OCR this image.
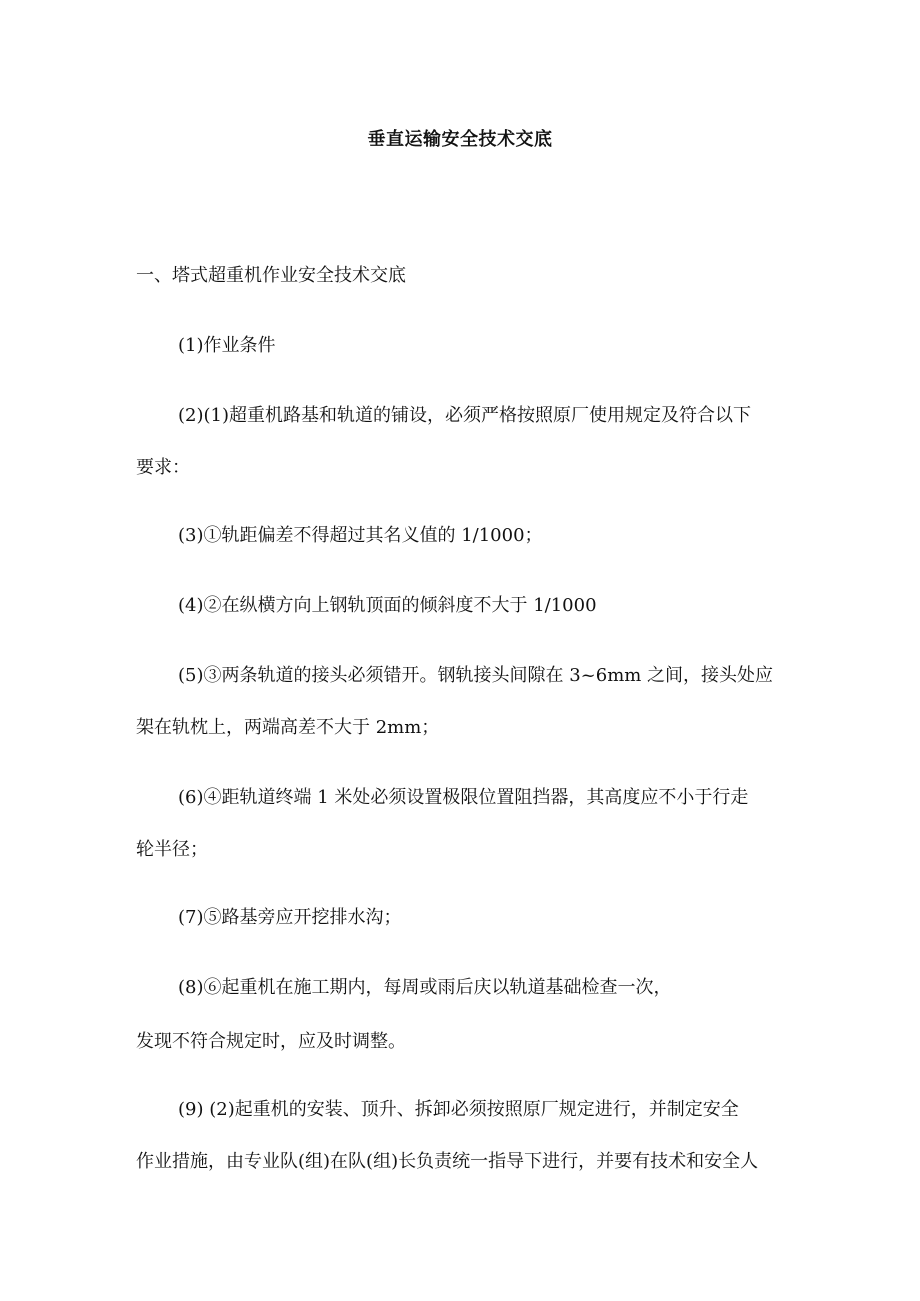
垂直运输安全技术交底
一、塔式超重机作业安全技术交底
(1)作业条件
(2)(1)超重机路基和轨道的铺设，必须严格按照原厂使用规定及符合以下
要求：
(3)①轨距偏差不得超过其名义值的 1/1000；
(4)②在纵横方向上钢轨顶面的倾斜度不大于 1/1000
(5)③两条轨道的接头必须错开。钢轨接头间隙在 3~6mm 之间，接头处应
架在轨枕上，两端高差不大于 2mm；
(6)④距轨道终端 1 米处必须设置极限位置阻挡器，其高度应不小于行走
轮半径；
(7)⑤路基旁应开挖排水沟；
(8)⑥起重机在施工期内，每周或雨后庆以轨道基础检查一次，
发现不符合规定时，应及时调整。
(9) (2)起重机的安装、顶升、拆卸必须按照原厂规定进行，并制定安全
作业措施，由专业队(组)在队(组)长负责统一指导下进行，并要有技术和安全人
